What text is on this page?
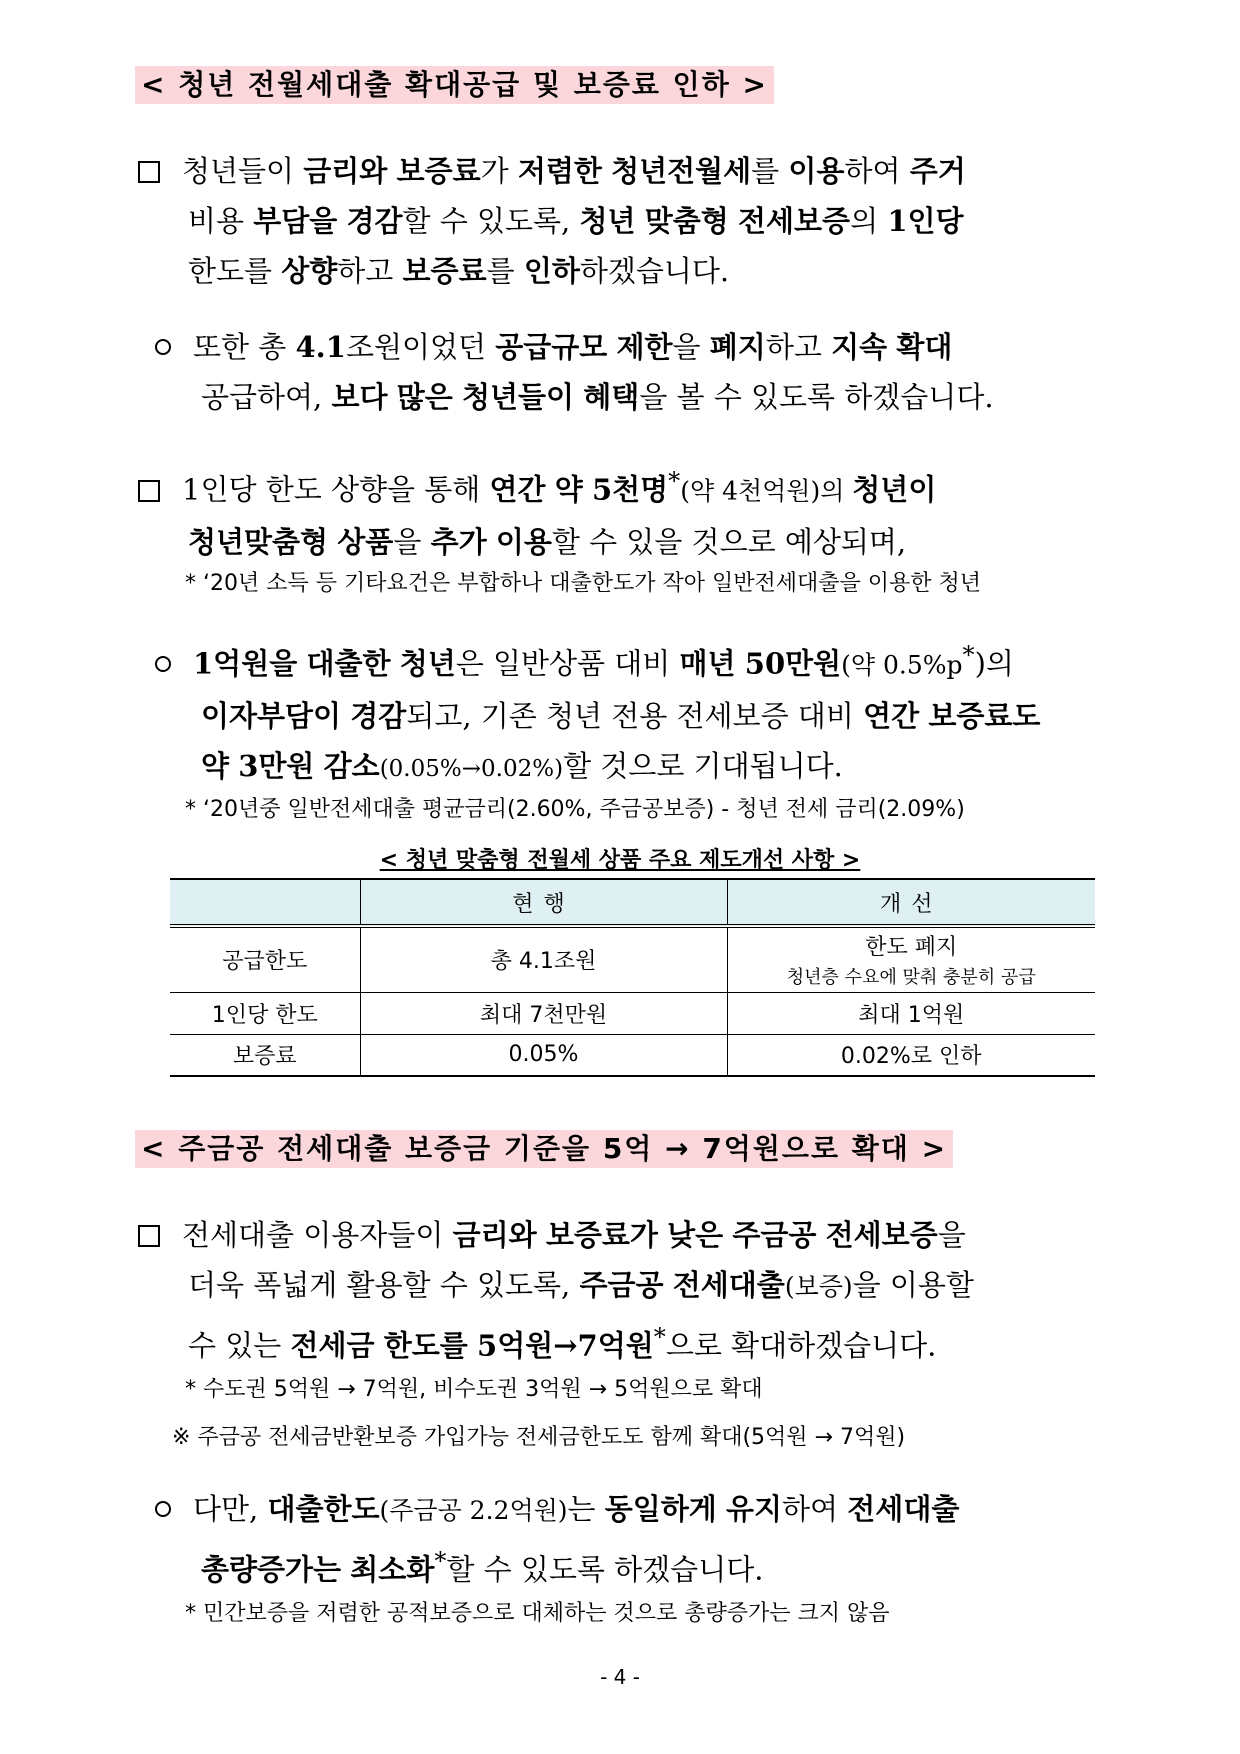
< 청년 전월세대출 확대공급 및 보증료 인하 >
청년들이 금리와 보증료가 저렴한 청년전월세를 이용하여 주거
비용 부담을 경감할 수 있도록, 청년 맞춤형 전세보증의 1인당
한도를 상향하고 보증료를 인하하겠습니다.
또한 총 4.1조원이었던 공급규모 제한을 폐지하고 지속 확대
공급하여, 보다 많은 청년들이 혜택을 볼 수 있도록 하겠습니다.
1인당 한도 상향을 통해 연간 약 5천명*(약 4천억원)의 청년이
청년맞춤형 상품을 추가 이용할 수 있을 것으로 예상되며,
* ‘20년 소득 등 기타요건은 부합하나 대출한도가 작아 일반전세대출을 이용한 청년
1억원을 대출한 청년은 일반상품 대비 매년 50만원(약 0.5%p*)의
이자부담이 경감되고, 기존 청년 전용 전세보증 대비 연간 보증료도
약 3만원 감소(0.05%→0.02%)할 것으로 기대됩니다.
* ‘20년중 일반전세대출 평균금리(2.60%, 주금공보증) - 청년 전세 금리(2.09%)
< 청년 맞춤형 전월세 상품 주요 제도개선 사항 >
	현행	개선
공급한도	총 4.1조원	한도 폐지
청년층 수요에 맞춰 충분히 공급

1인당 한도	최대 7천만원	최대 1억원
보증료	0.05%	0.02%로 인하
< 주금공 전세대출 보증금 기준을 5억 → 7억원으로 확대 >
전세대출 이용자들이 금리와 보증료가 낮은 주금공 전세보증을
더욱 폭넓게 활용할 수 있도록, 주금공 전세대출(보증)을 이용할
수 있는 전세금 한도를 5억원→7억원*으로 확대하겠습니다.
* 수도권 5억원 → 7억원, 비수도권 3억원 → 5억원으로 확대
※ 주금공 전세금반환보증 가입가능 전세금한도도 함께 확대(5억원 → 7억원)
다만, 대출한도(주금공 2.2억원)는 동일하게 유지하여 전세대출
총량증가는 최소화*할 수 있도록 하겠습니다.
* 민간보증을 저렴한 공적보증으로 대체하는 것으로 총량증가는 크지 않음
- 4 -
